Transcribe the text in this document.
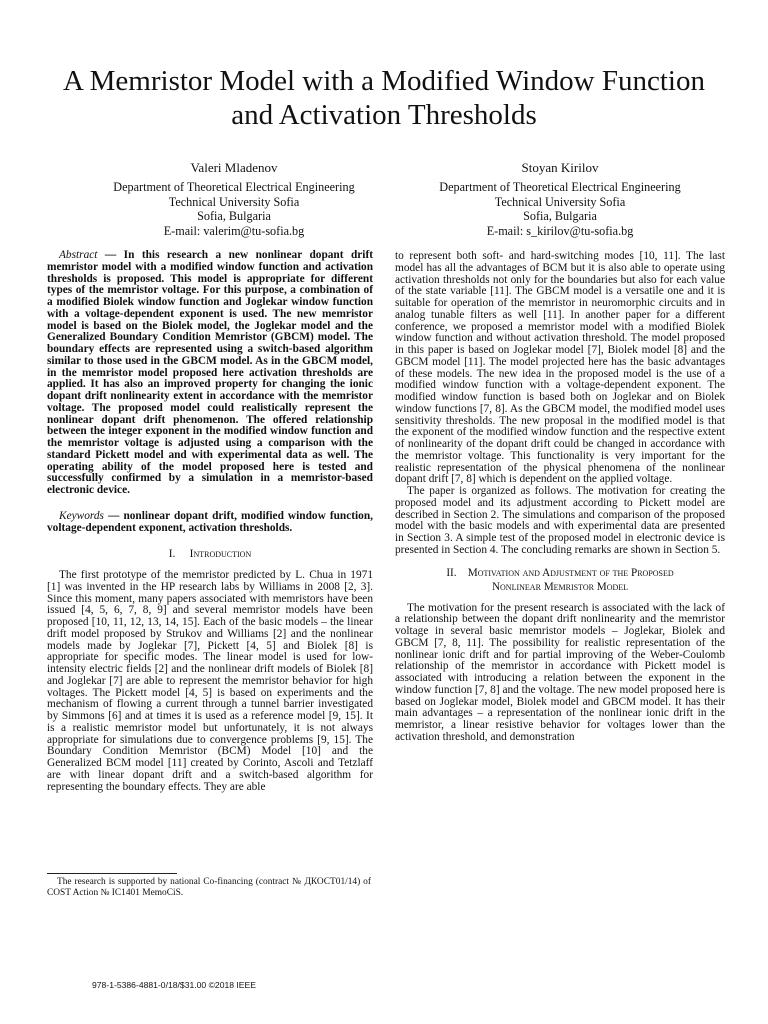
A Memristor Model with a Modified Window Function and Activation Thresholds
Valeri Mladenov
Department of Theoretical Electrical Engineering
Technical University Sofia
Sofia, Bulgaria
E-mail: valerim@tu-sofia.bg
Stoyan Kirilov
Department of Theoretical Electrical Engineering
Technical University Sofia
Sofia, Bulgaria
E-mail: s_kirilov@tu-sofia.bg

Abstract — In this research a new nonlinear dopant drift memristor model with a modified window function and activation thresholds is proposed. This model is appropriate for different types of the memristor voltage. For this purpose, a combination of a modified Biolek window function and Joglekar window function with a voltage-dependent exponent is used. The new memristor model is based on the Biolek model, the Joglekar model and the Generalized Boundary Condition Memristor (GBCM) model. The boundary effects are represented using a switch-based algorithm similar to those used in the GBCM model. As in the GBCM model, in the memristor model proposed here activation thresholds are applied. It has also an improved property for changing the ionic dopant drift nonlinearity extent in accordance with the memristor voltage. The proposed model could realistically represent the nonlinear dopant drift phenomenon. The offered relationship between the integer exponent in the modified window function and the memristor voltage is adjusted using a comparison with the standard Pickett model and with experimental data as well. The operating ability of the model proposed here is tested and successfully confirmed by a simulation in a memristor-based electronic device.

Keywords — nonlinear dopant drift, modified window function, voltage-dependent exponent, activation thresholds.

I. Introduction

The first prototype of the memristor predicted by L. Chua in 1971 [1] was invented in the HP research labs by Williams in 2008 [2, 3]. Since this moment, many papers associated with memristors have been issued [4, 5, 6, 7, 8, 9] and several memristor models have been proposed [10, 11, 12, 13, 14, 15]. Each of the basic models – the linear drift model proposed by Strukov and Williams [2] and the nonlinear models made by Joglekar [7], Pickett [4, 5] and Biolek [8] is appropriate for specific modes. The linear model is used for low-intensity electric fields [2] and the nonlinear drift models of Biolek [8] and Joglekar [7] are able to represent the memristor behavior for high voltages. The Pickett model [4, 5] is based on experiments and the mechanism of flowing a current through a tunnel barrier investigated by Simmons [6] and at times it is used as a reference model [9, 15]. It is a realistic memristor model but unfortunately, it is not always appropriate for simulations due to convergence problems [9, 15]. The Boundary Condition Memristor (BCM) Model [10] and the Generalized BCM model [11] created by Corinto, Ascoli and Tetzlaff are with linear dopant drift and a switch-based algorithm for representing the boundary effects. They are able

to represent both soft- and hard-switching modes [10, 11]. The last model has all the advantages of BCM but it is also able to operate using activation thresholds not only for the boundaries but also for each value of the state variable [11]. The GBCM model is a versatile one and it is suitable for operation of the memristor in neuromorphic circuits and in analog tunable filters as well [11]. In another paper for a different conference, we proposed a memristor model with a modified Biolek window function and without activation threshold. The model proposed in this paper is based on Joglekar model [7], Biolek model [8] and the GBCM model [11]. The model projected here has the basic advantages of these models. The new idea in the proposed model is the use of a modified window function with a voltage-dependent exponent. The modified window function is based both on Joglekar and on Biolek window functions [7, 8]. As the GBCM model, the modified model uses sensitivity thresholds. The new proposal in the modified model is that the exponent of the modified window function and the respective extent of nonlinearity of the dopant drift could be changed in accordance with the memristor voltage. This functionality is very important for the realistic representation of the physical phenomena of the nonlinear dopant drift [7, 8] which is dependent on the applied voltage.

The paper is organized as follows. The motivation for creating the proposed model and its adjustment according to Pickett model are described in Section 2. The simulations and comparison of the proposed model with the basic models and with experimental data are presented in Section 3. A simple test of the proposed model in electronic device is presented in Section 4. The concluding remarks are shown in Section 5.

II. Motivation and Adjustment of the Proposed
Nonlinear Memristor Model

The motivation for the present research is associated with the lack of a relationship between the dopant drift nonlinearity and the memristor voltage in several basic memristor models – Joglekar, Biolek and GBCM [7, 8, 11]. The possibility for realistic representation of the nonlinear ionic drift and for partial improving of the Weber-Coulomb relationship of the memristor in accordance with Pickett model is associated with introducing a relation between the exponent in the window function [7, 8] and the voltage. The new model proposed here is based on Joglekar model, Biolek model and GBCM model. It has their main advantages – a representation of the nonlinear ionic drift in the memristor, a linear resistive behavior for voltages lower than the activation threshold, and demonstration

The research is supported by national Co-financing (contract № ДКОСТ01/14) of COST Action № IC1401 MemoCiS.
978-1-5386-4881-0/18/$31.00 ©2018 IEEE
